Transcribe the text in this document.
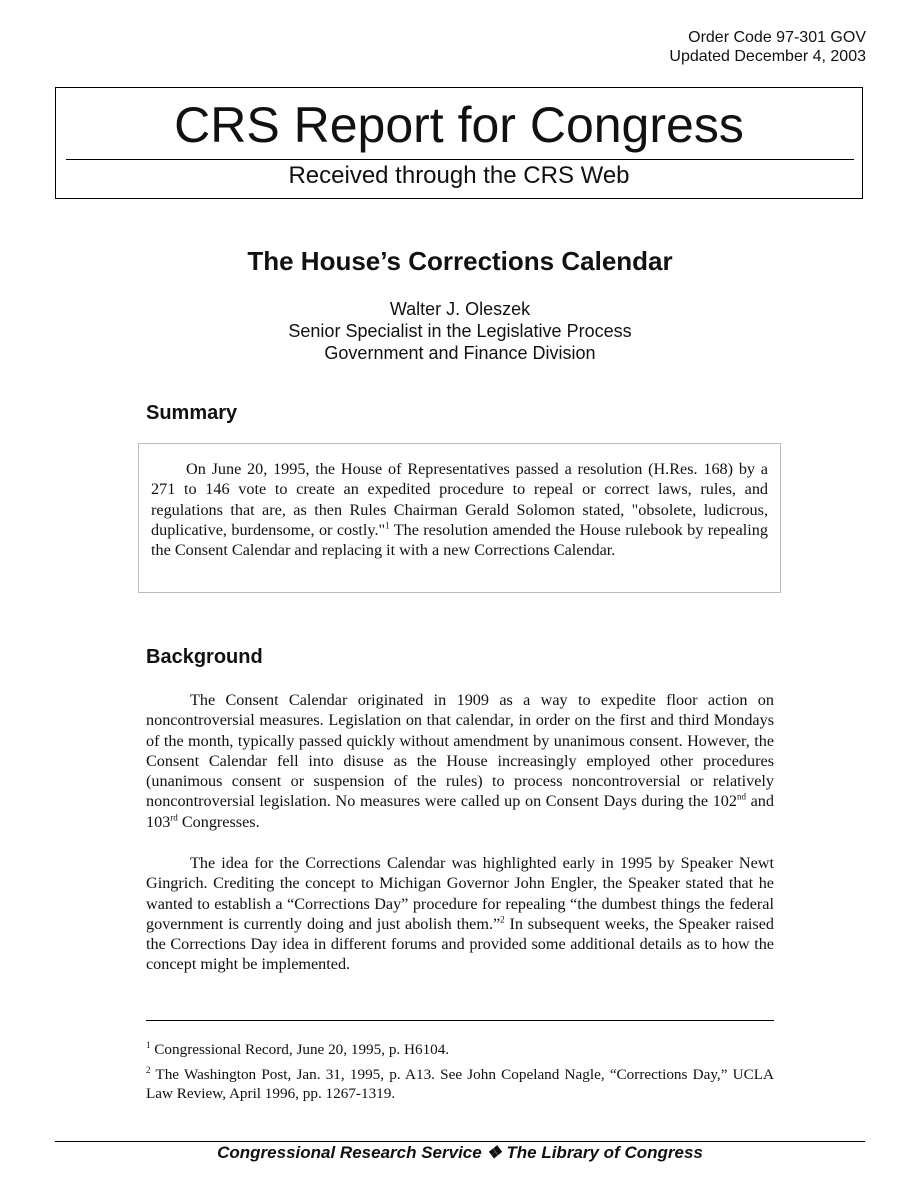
Order Code 97-301 GOV
Updated December 4, 2003
CRS Report for Congress
Received through the CRS Web
The House’s Corrections Calendar
Walter J. Oleszek
Senior Specialist in the Legislative Process
Government and Finance Division
Summary

On June 20, 1995, the House of Representatives passed a resolution (H.Res. 168) by a 271 to 146 vote to create an expedited procedure to repeal or correct laws, rules, and regulations that are, as then Rules Chairman Gerald Solomon stated, "obsolete, ludicrous, duplicative, burdensome, or costly."$^1$ The resolution amended the House rulebook by repealing the Consent Calendar and replacing it with a new Corrections Calendar.

Background

The Consent Calendar originated in 1909 as a way to expedite floor action on noncontroversial measures. Legislation on that calendar, in order on the first and third Mondays of the month, typically passed quickly without amendment by unanimous consent. However, the Consent Calendar fell into disuse as the House increasingly employed other procedures (unanimous consent or suspension of the rules) to process noncontroversial or relatively noncontroversial legislation. No measures were called up on Consent Days during the 102nd and 103rd Congresses.

The idea for the Corrections Calendar was highlighted early in 1995 by Speaker Newt Gingrich. Crediting the concept to Michigan Governor John Engler, the Speaker stated that he wanted to establish a “Corrections Day” procedure for repealing “the dumbest things the federal government is currently doing and just abolish them.”$^2$ In subsequent weeks, the Speaker raised the Corrections Day idea in different forums and provided some additional details as to how the concept might be implemented.

$^1$ Congressional Record, June 20, 1995, p. H6104.

$^2$ The Washington Post, Jan. 31, 1995, p. A13. See John Copeland Nagle, “Corrections Day,” UCLA Law Review, April 1996, pp. 1267-1319.

Congressional Research Service ❖ The Library of Congress
